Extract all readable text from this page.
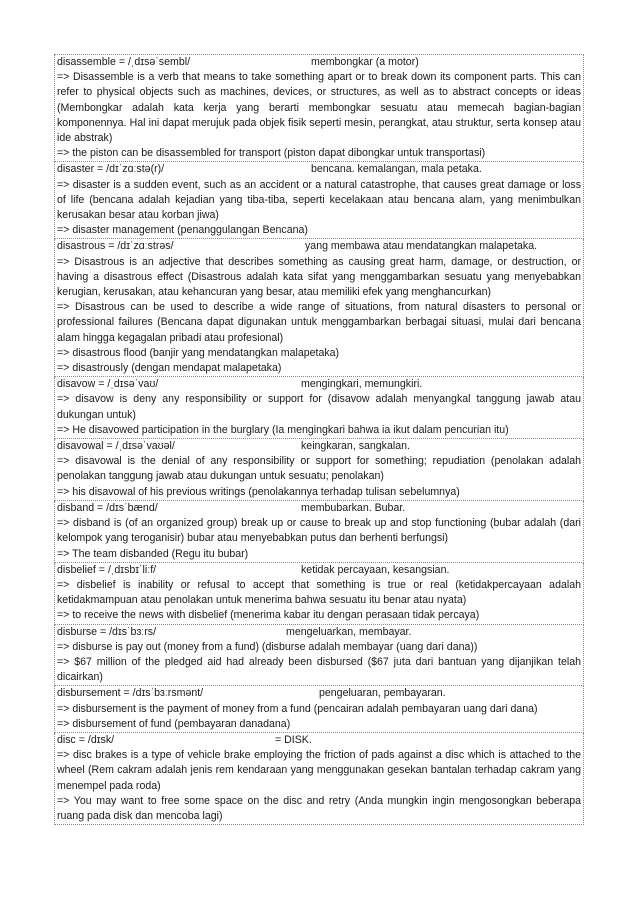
disassemble = /ˌdɪsəˈsembl/	membongkar (a motor)
=> Disassemble is a verb that means to take something apart or to break down its component parts. This can refer to physical objects such as machines, devices, or structures, as well as to abstract concepts or ideas (Membongkar adalah kata kerja yang berarti membongkar sesuatu atau memecah bagian-bagian komponennya. Hal ini dapat merujuk pada objek fisik seperti mesin, perangkat, atau struktur, serta konsep atau ide abstrak)
=> the piston can be disassembled for transport (piston dapat dibongkar untuk transportasi)
disaster = /dɪˈzɑːstə(r)/	bencana. kemalangan, mala petaka.
=> disaster is a sudden event, such as an accident or a natural catastrophe, that causes great damage or loss of life (bencana adalah kejadian yang tiba-tiba, seperti kecelakaan atau bencana alam, yang menimbulkan kerusakan besar atau korban jiwa)
=> disaster management (penanggulangan Bencana)
disastrous = /dɪˈzɑːstrəs/	yang membawa atau mendatangkan malapetaka.
=> Disastrous is an adjective that describes something as causing great harm, damage, or destruction, or having a disastrous effect (Disastrous adalah kata sifat yang menggambarkan sesuatu yang menyebabkan kerugian, kerusakan, atau kehancuran yang besar, atau memiliki efek yang menghancurkan)
=> Disastrous can be used to describe a wide range of situations, from natural disasters to personal or professional failures (Bencana dapat digunakan untuk menggambarkan berbagai situasi, mulai dari bencana alam hingga kegagalan pribadi atau profesional)
=> disastrous flood (banjir yang mendatangkan malapetaka)
=> disastrously (dengan mendapat malapetaka)
disavow = /ˌdɪsəˈvaʊ/	mengingkari, memungkiri.
=> disavow is deny any responsibility or support for (disavow adalah menyangkal tanggung jawab atau dukungan untuk)
=> He disavowed participation in the burglary (Ia mengingkari bahwa ia ikut dalam pencurian itu)
disavowal = /ˌdɪsəˈvaʊəl/	keingkaran, sangkalan.
=> disavowal is the denial of any responsibility or support for something; repudiation (penolakan adalah penolakan tanggung jawab atau dukungan untuk sesuatu; penolakan)
=> his disavowal of his previous writings (penolakannya terhadap tulisan sebelumnya)
disband = /dɪsˈbænd/	membubarkan. Bubar.
=> disband is (of an organized group) break up or cause to break up and stop functioning (bubar adalah (dari kelompok yang teroganisir) bubar atau menyebabkan putus dan berhenti berfungsi)
=> The team disbanded (Regu itu bubar)
disbelief = /ˌdɪsbɪˈliːf/	ketidak percayaan, kesangsian.
=> disbelief is inability or refusal to accept that something is true or real (ketidakpercayaan adalah ketidakmampuan atau penolakan untuk menerima bahwa sesuatu itu benar atau nyata)
=> to receive the news with disbelief (menerima kabar itu dengan perasaan tidak percaya)
disburse = /dɪsˈbɜːrs/	mengeluarkan, membayar.
=> disburse is pay out (money from a fund) (disburse adalah membayar (uang dari dana))
=> $67 million of the pledged aid had already been disbursed ($67 juta dari bantuan yang dijanjikan telah dicairkan)
disbursement = /dɪsˈbɜːrsmənt/	pengeluaran, pembayaran.
=> disbursement is the payment of money from a fund (pencairan adalah pembayaran uang dari dana)
=> disbursement of fund (pembayaran danadana)
disc = /dɪsk/	= DISK.
=> disc brakes is a type of vehicle brake employing the friction of pads against a disc which is attached to the wheel (Rem cakram adalah jenis rem kendaraan yang menggunakan gesekan bantalan terhadap cakram yang menempel pada roda)
=> You may want to free some space on the disc and retry (Anda mungkin ingin mengosongkan beberapa ruang pada disk dan mencoba lagi)
